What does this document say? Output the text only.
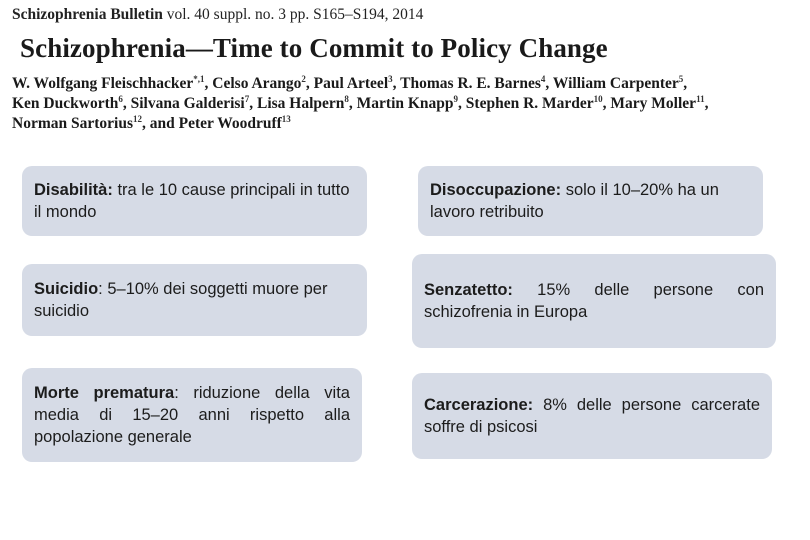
Schizophrenia Bulletin vol. 40 suppl. no. 3 pp. S165–S194, 2014
Schizophrenia—Time to Commit to Policy Change
W. Wolfgang Fleischhacker$^{*,1}$, Celso Arango$^2$, Paul Arteel$^3$, Thomas R. E. Barnes$^4$, William Carpenter$^5$,
Ken Duckworth$^6$, Silvana Galderisi$^7$, Lisa Halpern$^8$, Martin Knapp$^9$, Stephen R. Marder$^{10}$, Mary Moller$^{11}$,
Norman Sartorius$^{12}$, and Peter Woodruff$^{13}$
Disabilità: tra le 10 cause principali in tutto il mondo
Disoccupazione: solo il 10–20% ha un lavoro retribuito
Suicidio: 5–10% dei soggetti muore per suicidio
Senzatetto: 15% delle persone con schizofrenia in Europa
Morte prematura: riduzione della vita media di 15–20 anni rispetto alla popolazione generale
Carcerazione: 8% delle persone carcerate soffre di psicosi
